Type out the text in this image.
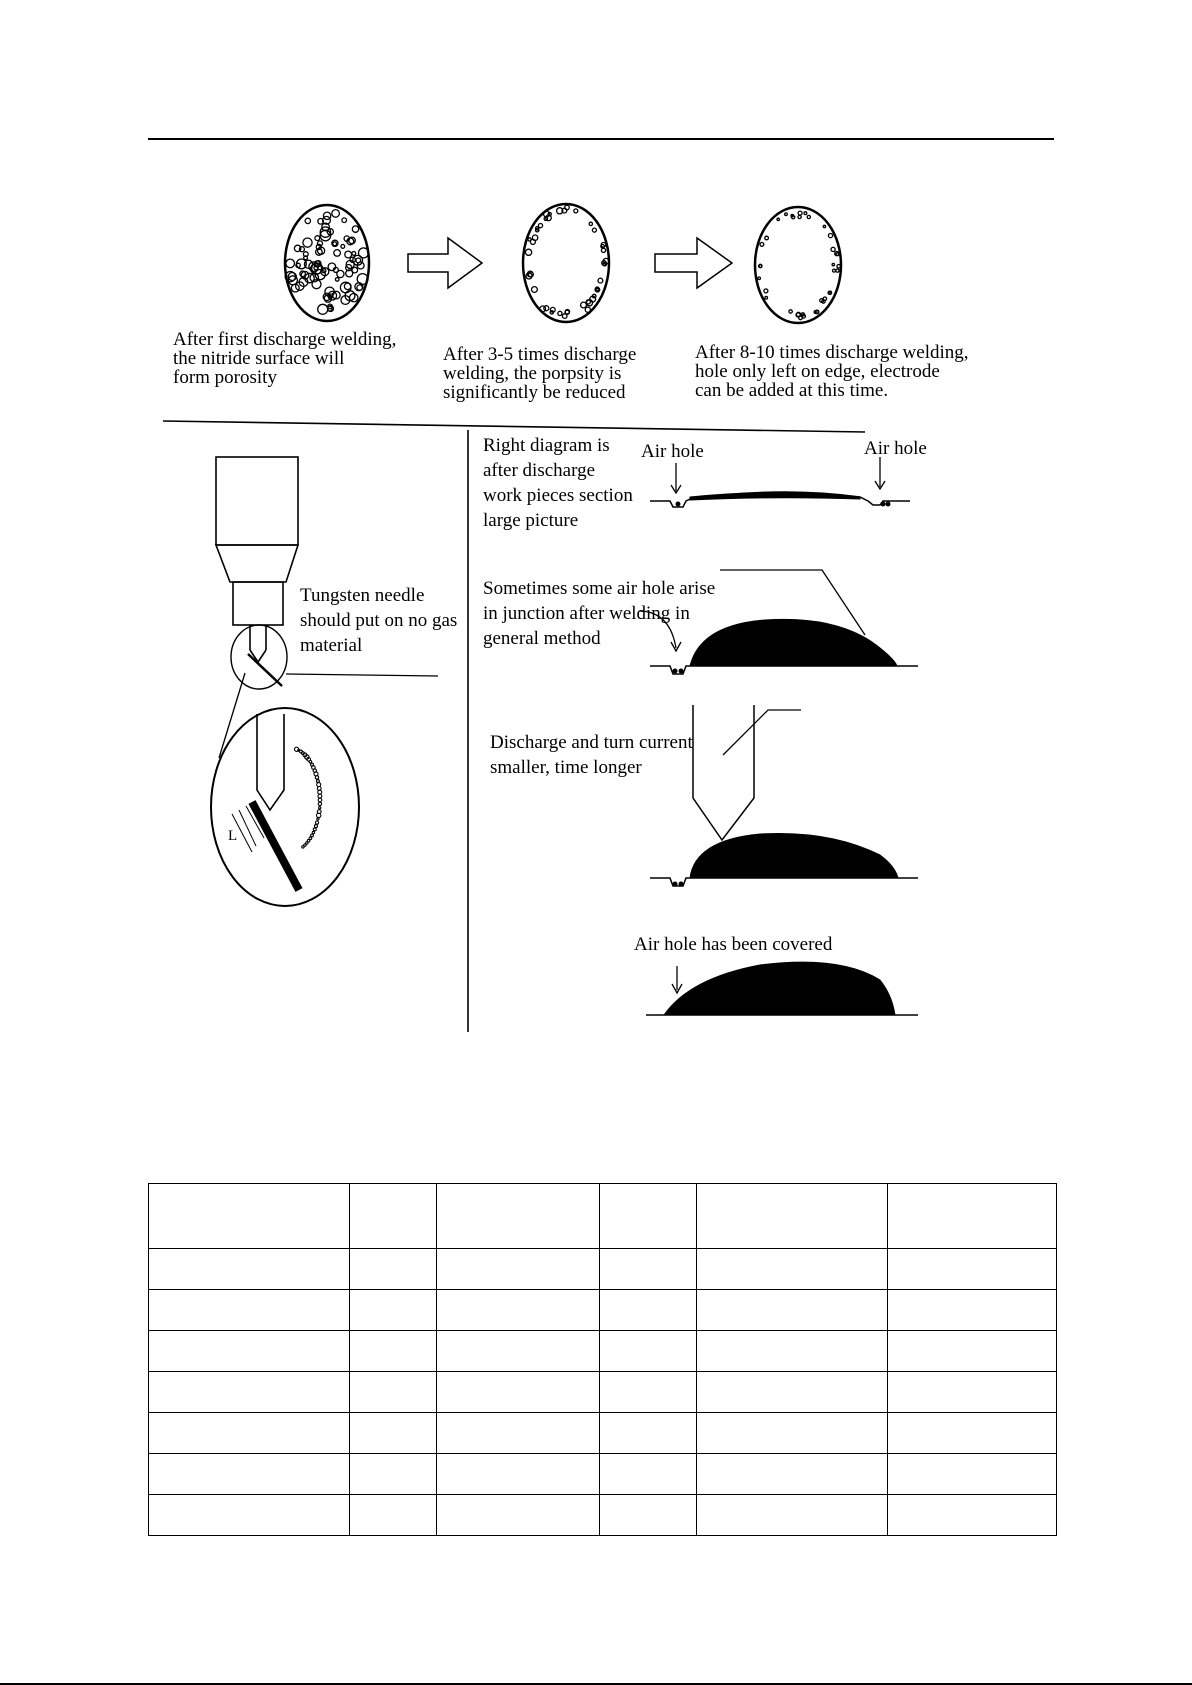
After first discharge welding,
the nitride surface will
form porosity
After 3-5 times discharge
welding, the porpsity is
significantly be reduced
After 8-10 times discharge welding,
hole only left on edge, electrode
can be added at this time.
Tungsten needle
should put on no gas
material
L
Right diagram is
after discharge
work pieces section
large picture
Air hole	Air hole
Sometimes some air hole arise
in junction after welding in
general method
Discharge and turn current
smaller, time longer
Air hole has been covered
